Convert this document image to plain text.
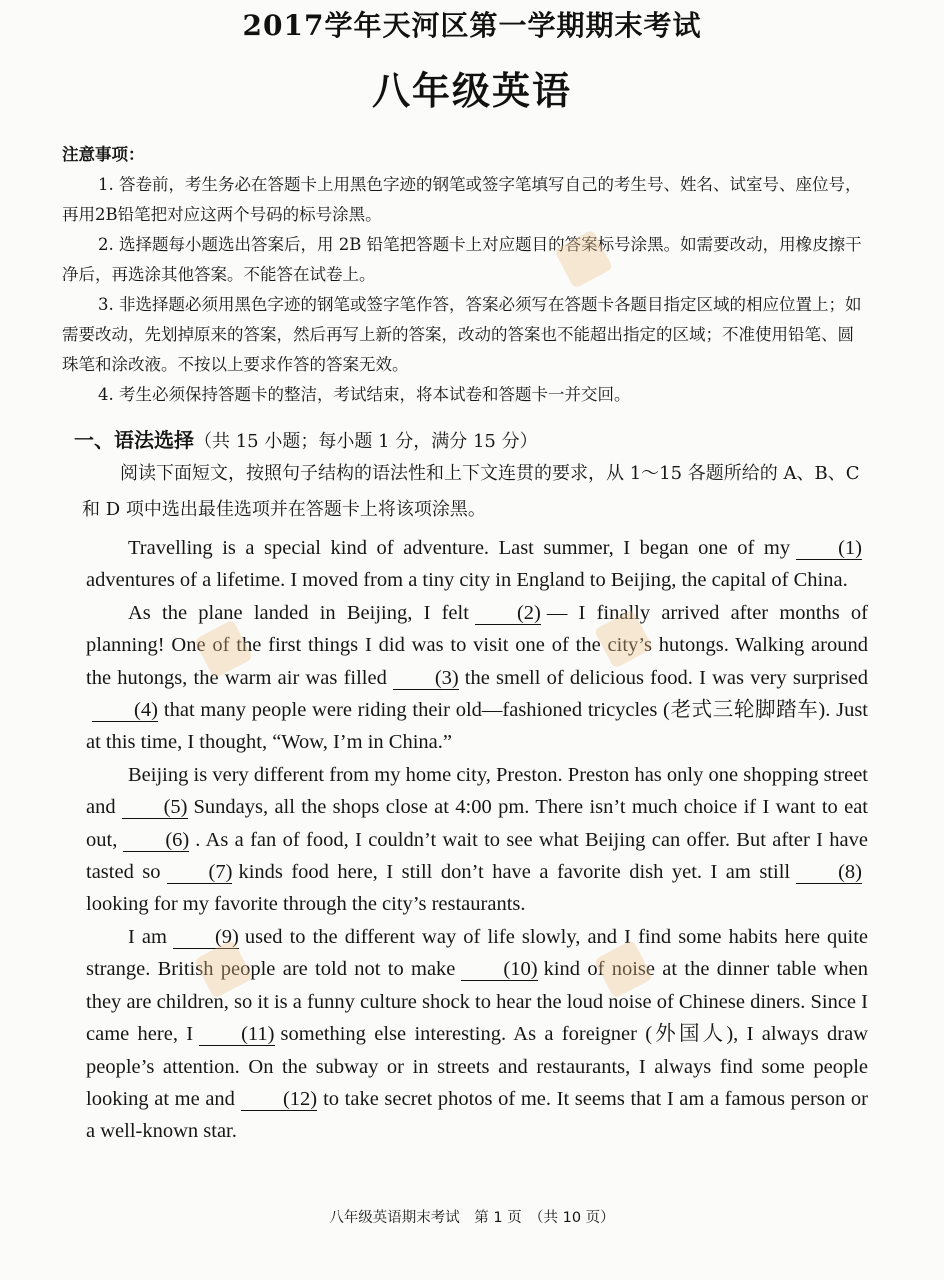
2017学年天河区第一学期期末考试
八年级英语
注意事项：

1. 答卷前，考生务必在答题卡上用黑色字迹的钢笔或签字笔填写自己的考生号、姓名、试室号、座位号，再用2B铅笔把对应这两个号码的标号涂黑。

2. 选择题每小题选出答案后，用 2B 铅笔把答题卡上对应题目的答案标号涂黑。如需要改动，用橡皮擦干净后，再选涂其他答案。不能答在试卷上。

3. 非选择题必须用黑色字迹的钢笔或签字笔作答，答案必须写在答题卡各题目指定区域的相应位置上；如需要改动，先划掉原来的答案，然后再写上新的答案，改动的答案也不能超出指定的区域；不准使用铅笔、圆珠笔和涂改液。不按以上要求作答的答案无效。

4. 考生必须保持答题卡的整洁，考试结束，将本试卷和答题卡一并交回。

一、语法选择（共 15 小题；每小题 1 分，满分 15 分）

阅读下面短文，按照句子结构的语法性和上下文连贯的要求，从 1～15 各题所给的 A、B、C 和 D 项中选出最佳选项并在答题卡上将该项涂黑。

Travelling is a special kind of adventure. Last summer, I began one of my (1)adventures of a lifetime. I moved from a tiny city in England to Beijing, the capital of China.

As the plane landed in Beijing, I felt (2) — I finally arrived after months of planning! One of the first things I did was to visit one of the city’s hutongs. Walking around the hutongs, the warm air was filled (3) the smell of delicious food. I was very surprised(4) that many people were riding their old—fashioned tricycles (老式三轮脚踏车). Just at this time, I thought, “Wow, I’m in China.”

Beijing is very different from my home city, Preston. Preston has only one shopping street and (5) Sundays, all the shops close at 4:00 pm. There isn’t much choice if I want to eat out, (6) . As a fan of food, I couldn’t wait to see what Beijing can offer. But after I have tasted so (7) kinds food here, I still don’t have a favorite dish yet. I am still (8)looking for my favorite through the city’s restaurants.

I am (9) used to the different way of life slowly, and I find some habits here quite strange. British people are told not to make (10) kind of noise at the dinner table when they are children, so it is a funny culture shock to hear the loud noise of Chinese diners. Since I came here, I (11) something else interesting. As a foreigner (外国人), I always draw people’s attention. On the subway or in streets and restaurants, I always find some people looking at me and (12) to take secret photos of me. It seems that I am a famous person or a well-known star.

八年级英语期末考试　第 1 页　（共 10 页）
